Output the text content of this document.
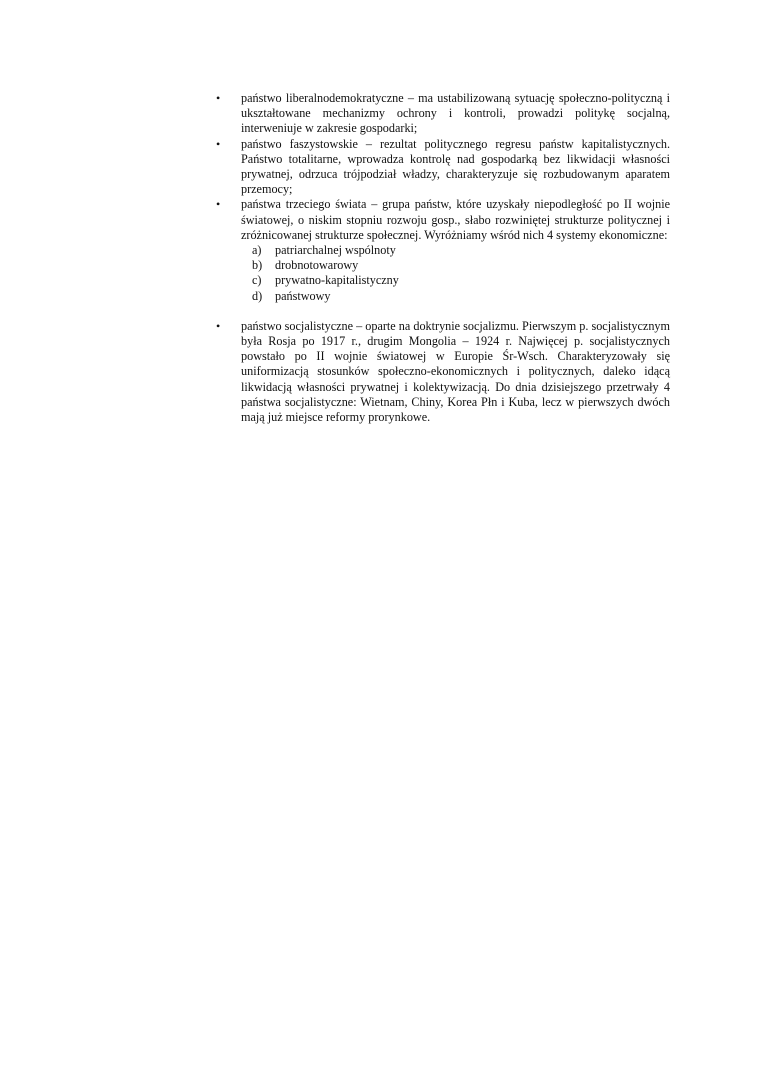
•	państwo liberalnodemokratyczne – ma ustabilizowaną sytuację społeczno-polityczną i ukształtowane mechanizmy ochrony i kontroli, prowadzi politykę socjalną, interweniuje w zakresie gospodarki;
•	państwo faszystowskie – rezultat politycznego regresu państw kapitalistycznych. Państwo totalitarne, wprowadza kontrolę nad gospodarką bez likwidacji własności prywatnej, odrzuca trójpodział władzy, charakteryzuje się rozbudowanym aparatem przemocy;
•	państwa trzeciego świata – grupa państw, które uzyskały niepodległość po II wojnie światowej, o niskim stopniu rozwoju gosp., słabo rozwiniętej strukturze politycznej i zróżnicowanej strukturze społecznej. Wyróżniamy wśród nich 4 systemy ekonomiczne:
a)	patriarchalnej wspólnoty
b)	drobnotowarowy
c)	prywatno-kapitalistyczny
d)	państwowy
•	państwo socjalistyczne – oparte na doktrynie socjalizmu. Pierwszym p. socjalistycznym była Rosja po 1917 r., drugim Mongolia – 1924 r. Najwięcej p. socjalistycznych powstało po II wojnie światowej w Europie Śr-Wsch. Charakteryzowały się uniformizacją stosunków społeczno-ekonomicznych i politycznych, daleko idącą likwidacją własności prywatnej i kolektywizacją. Do dnia dzisiejszego przetrwały 4 państwa socjalistyczne: Wietnam, Chiny, Korea Płn i Kuba, lecz w pierwszych dwóch mają już miejsce reformy prorynkowe.
